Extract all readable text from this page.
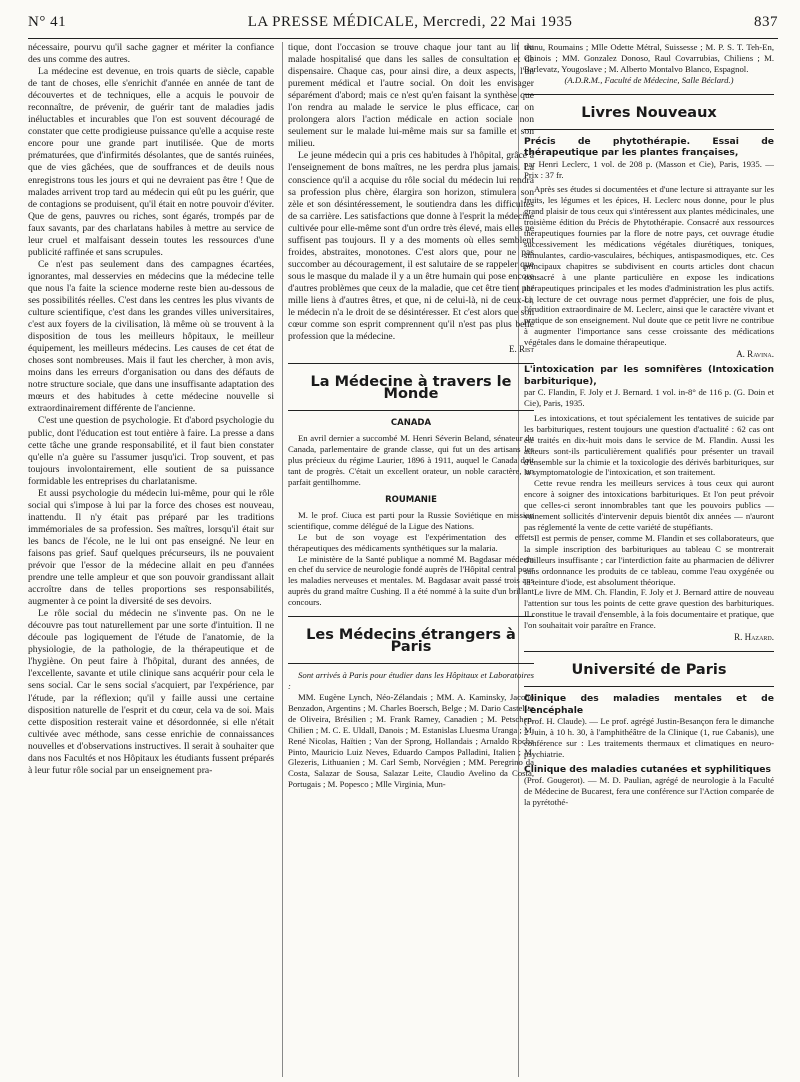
N° 41	LA PRESSE MÉDICALE, Mercredi, 22 Mai 1935	837

nécessaire, pourvu qu'il sache gagner et mériter la confiance des uns comme des autres.

La médecine est devenue, en trois quarts de siècle, capable de tant de choses, elle s'enrichit d'année en année de tant de découvertes et de techniques, elle a acquis le pouvoir de reconnaître, de prévenir, de guérir tant de maladies jadis inéluctables et incurables que l'on est souvent découragé de constater que cette prodigieuse puissance qu'elle a acquise reste encore pour une grande part inutilisée. Que de morts prématurées, que d'infirmités désolantes, que de santés ruinées, que de vies gâchées, que de souffrances et de deuils nous enregistrons tous les jours et qui ne devraient pas être ! Que de malades arrivent trop tard au médecin qui eût pu les guérir, que de contagions se produisent, qu'il était en notre pouvoir d'éviter. Que de gens, pauvres ou riches, sont égarés, trompés par de faux savants, par des charlatans habiles à mettre au service de leur cruel et malfaisant dessein toutes les ressources d'une publicité raffinée et sans scrupules.

Ce n'est pas seulement dans des campagnes écartées, ignorantes, mal desservies en médecins que la médecine telle que nous l'a faite la science moderne reste bien au-dessous de ses possibilités réelles. C'est dans les centres les plus vivants de culture scientifique, c'est dans les grandes villes universitaires, c'est aux foyers de la civilisation, là même où se trouvent à la disposition de tous les meilleurs hôpitaux, le meilleur équipement, les meilleurs médecins. Les causes de cet état de choses sont nombreuses. Mais il faut les chercher, à mon avis, moins dans les erreurs d'organisation ou dans des défauts de notre structure sociale, que dans une insuffisante adaptation des mœurs et des habitudes à cette médecine nouvelle si extraordinairement différente de l'ancienne.

C'est une question de psychologie. Et d'abord psychologie du public, dont l'éducation est tout entière à faire. La presse a dans cette tâche une grande responsabilité, et il faut bien constater qu'elle n'a guère su l'assumer jusqu'ici. Trop souvent, et pas toujours involontairement, elle soutient de sa puissance formidable les entreprises du charlatanisme.

Et aussi psychologie du médecin lui-même, pour qui le rôle social qui s'impose à lui par la force des choses est nouveau, inattendu. Il n'y était pas préparé par les traditions immémoriales de sa profession. Ses maîtres, lorsqu'il était sur les bancs de l'école, ne le lui ont pas enseigné. Ne leur en faisons pas grief. Sauf quelques précurseurs, ils ne pouvaient prévoir que l'essor de la médecine allait en peu d'années prendre une telle ampleur et que son pouvoir grandissant allait accroître dans de telles proportions ses responsabilités, augmenter à ce point la diversité de ses devoirs.

Le rôle social du médecin ne s'invente pas. On ne le découvre pas tout naturellement par une sorte d'intuition. Il ne découle pas logiquement de l'étude de l'anatomie, de la physiologie, de la pathologie, de la thérapeutique et de l'hygiène. On peut faire à l'hôpital, durant des années, de l'excellente, savante et utile clinique sans acquérir pour cela le sens social. Car le sens social s'acquiert, par l'expérience, par l'étude, par la réflexion; qu'il y faille aussi une certaine disposition naturelle de l'esprit et du cœur, cela va de soi. Mais cette disposition resterait vaine et désordonnée, si elle n'était cultivée avec méthode, sans cesse enrichie de connaissances nouvelles et d'observations instructives. Il serait à souhaiter que dans nos Facultés et nos Hôpitaux les étudiants fussent préparés à leur futur rôle social par un enseignement pra-

tique, dont l'occasion se trouve chaque jour tant au lit du malade hospitalisé que dans les salles de consultation et de dispensaire. Chaque cas, pour ainsi dire, a deux aspects, l'un purement médical et l'autre social. On doit les envisager séparément d'abord; mais ce n'est qu'en faisant la synthèse que l'on rendra au malade le service le plus efficace, car on prolongera alors l'action médicale en action sociale non seulement sur le malade lui-même mais sur sa famille et son milieu.

Le jeune médecin qui a pris ces habitudes à l'hôpital, grâce à l'enseignement de bons maîtres, ne les perdra plus jamais. La conscience qu'il a acquise du rôle social du médecin lui rendra sa profession plus chère, élargira son horizon, stimulera son zèle et son désintéressement, le soutiendra dans les difficultés de sa carrière. Les satisfactions que donne à l'esprit la médecine cultivée pour elle-même sont d'un ordre très élevé, mais elles ne suffisent pas toujours. Il y a des moments où elles semblent froides, abstraites, monotones. C'est alors que, pour ne pas succomber au découragement, il est salutaire de se rappeler que sous le masque du malade il y a un être humain qui pose encore d'autres problèmes que ceux de la maladie, que cet être tient par mille liens à d'autres êtres, et que, ni de celui-là, ni de ceux-ci, le médecin n'a le droit de se désintéresser. Et c'est alors que son cœur comme son esprit comprennent qu'il n'est pas plus belle profession que la médecine.

E. Rist

La Médecine à travers le Monde
CANADA

En avril dernier a succombé M. Henri Séverin Beland, sénateur du Canada, parlementaire de grande classe, qui fut un des artisans les plus précieux du régime Laurier, 1896 à 1911, auquel le Canada doit tant de progrès. C'était un excellent orateur, un noble caractère, un parfait gentilhomme.

ROUMANIE

M. le prof. Ciuca est parti pour la Russie Soviétique en mission scientifique, comme délégué de la Ligue des Nations.

Le but de son voyage est l'expérimentation des effets thérapeutiques des médicaments synthétiques sur la malaria.

Le ministère de la Santé publique a nommé M. Bagdasar médecin en chef du service de neurologie fondé auprès de l'Hôpital central pour les maladies nerveuses et mentales. M. Bagdasar avait passé trois ans auprès du grand maître Cushing. Il a été nommé à la suite d'un brillant concours.

Les Médecins étrangers à Paris

Sont arrivés à Paris pour étudier dans les Hôpitaux et Laboratoires :

MM. Eugène Lynch, Néo-Zélandais ; MM. A. Kaminsky, Jacobo Benzadon, Argentins ; M. Charles Boersch, Belge ; M. Dario Castellar de Oliveira, Brésilien ; M. Frank Ramey, Canadien ; M. Petschen, Chilien ; M. C. E. Uldall, Danois ; M. Estanislas Lluesma Uranga ; M. René Nicolas, Haïtien ; Van der Sprong, Hollandais ; Arnaldo Rocha Pinto, Mauricio Luiz Neves, Eduardo Campos Palladini, Italien ; M. Glezeris, Lithuanien ; M. Carl Semb, Norvégien ; MM. Peregrino da Costa, Salazar de Sousa, Salazar Leite, Claudio Avelino da Costa, Portugais ; M. Popesco ; Mlle Virginia, Mun-

teanu, Roumains ; Mlle Odette Métral, Suissesse ; M. P. S. T. Teh-En, Chinois ; MM. Gonzalez Donoso, Raul Covarrubias, Chiliens ; M. Barlevatz, Yougoslave ; M. Alberto Montalvo Blanco, Espagnol.

(A.D.R.M., Faculté de Médecine, Salle Béclard.)

Livres Nouveaux

Précis de phytothérapie. Essai de thérapeutique par les plantes françaises,

par Henri Leclerc, 1 vol. de 208 p. (Masson et Cie), Paris, 1935. — Prix : 37 fr.

Après ses études si documentées et d'une lecture si attrayante sur les fruits, les légumes et les épices, H. Leclerc nous donne, pour le plus grand plaisir de tous ceux qui s'intéressent aux plantes médicinales, une troisième édition du Précis de Phytothérapie. Consacré aux ressources thérapeutiques fournies par la flore de notre pays, cet ouvrage étudie successivement les médications végétales diurétiques, toniques, stimulantes, cardio-vasculaires, béchiques, antispasmodiques, etc. Ces principaux chapitres se subdivisent en courts articles dont chacun consacré à une plante particulière en expose les indications thérapeutiques principales et les modes d'administration les plus actifs. La lecture de cet ouvrage nous permet d'apprécier, une fois de plus, l'érudition extraordinaire de M. Leclerc, ainsi que le caractère vivant et pratique de son enseignement. Nul doute que ce petit livre ne contribue à augmenter l'importance sans cesse croissante des médications végétales dans le domaine thérapeutique.

A. Ravina.

L'intoxication par les somnifères (Intoxication barbiturique),

par C. Flandin, F. Joly et J. Bernard. 1 vol. in-8° de 116 p. (G. Doin et Cie), Paris, 1935.

Les intoxications, et tout spécialement les tentatives de suicide par les barbituriques, restent toujours une question d'actualité : 62 cas ont été traités en dix-huit mois dans le service de M. Flandin. Aussi les auteurs sont-ils particulièrement qualifiés pour présenter un travail d'ensemble sur la chimie et la toxicologie des dérivés barbituriques, sur la symptomatologie de l'intoxication, et son traitement.

Cette revue rendra les meilleurs services à tous ceux qui auront encore à soigner des intoxications barbituriques. Et l'on peut prévoir que celles-ci seront innombrables tant que les pouvoirs publics — vainement sollicités d'intervenir depuis bientôt dix années — n'auront pas réglementé la vente de cette variété de stupéfiants.

Il est permis de penser, comme M. Flandin et ses collaborateurs, que la simple inscription des barbituriques au tableau C se montrerait d'ailleurs insuffisante ; car l'interdiction faite au pharmacien de délivrer sans ordonnance les produits de ce tableau, comme l'eau oxygénée ou la teinture d'iode, est absolument théorique.

Le livre de MM. Ch. Flandin, F. Joly et J. Bernard attire de nouveau l'attention sur tous les points de cette grave question des barbituriques. Il constitue le travail d'ensemble, à la fois documentaire et pratique, que l'on souhaitait voir paraître en France.

R. Hazard.

Université de Paris

Clinique des maladies mentales et de l'encéphale

(Prof. H. Claude). — Le prof. agrégé Justin-Besançon fera le dimanche 2 Juin, à 10 h. 30, à l'amphithéâtre de la Clinique (1, rue Cabanis), une conférence sur : Les traitements thermaux et climatiques en neuro-psychiatrie.

Clinique des maladies cutanées et syphilitiques

(Prof. Gougerot). — M. D. Paulian, agrégé de neurologie à la Faculté de Médecine de Bucarest, fera une conférence sur l'Action comparée de la pyrétothé-
